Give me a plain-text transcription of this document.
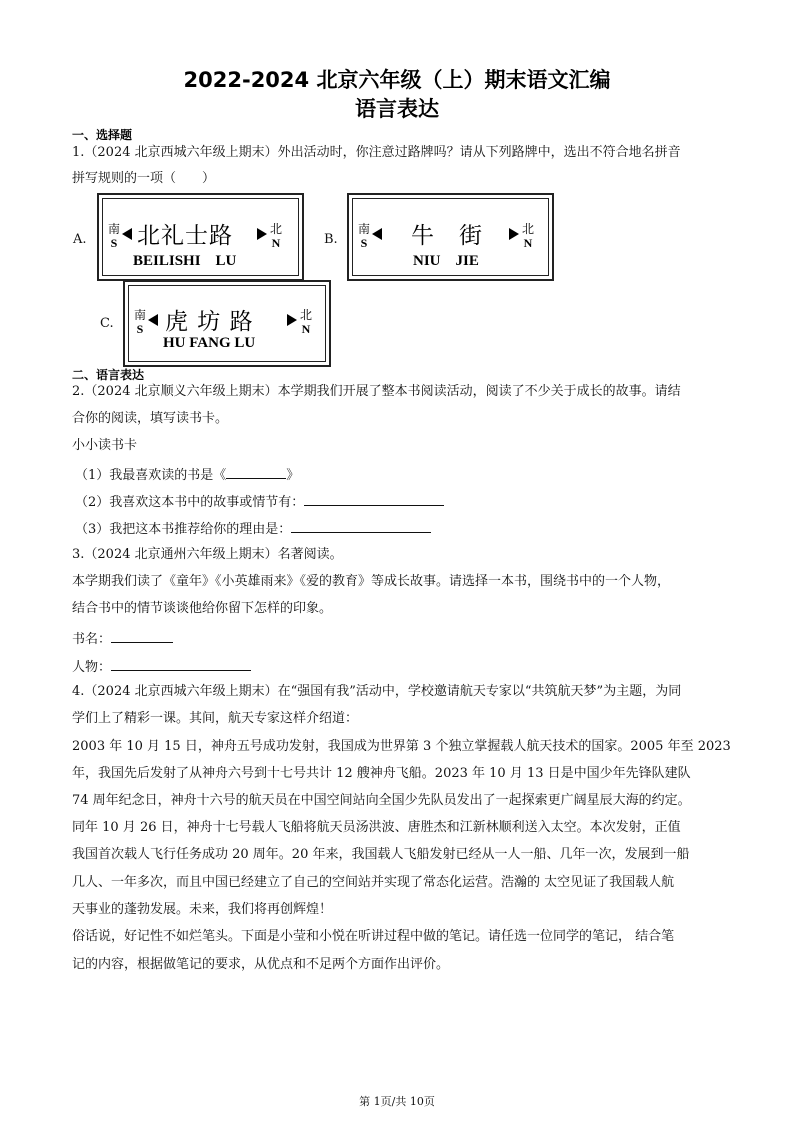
2022-2024 北京六年级（上）期末语文汇编
语言表达
一、选择题
1.（2024 北京西城六年级上期末）外出活动时，你注意过路牌吗？请从下列路牌中，选出不符合地名拼音
拼写规则的一项（　　）
A.
南
S 北礼士路	北
N
BEILISHI　LU
B.
南
S 牛　街	北
N
NIU　JIE
C.
南
S 虎 坊 路	北
N
HU FANG LU
二、语言表达
2.（2024 北京顺义六年级上期末）本学期我们开展了整本书阅读活动，阅读了不少关于成长的故事。请结
合你的阅读，填写读书卡。
小小读书卡
（1）我最喜欢读的书是《	》
（2）我喜欢这本书中的故事或情节有：
（3）我把这本书推荐给你的理由是：
3.（2024 北京通州六年级上期末）名著阅读。
本学期我们读了《童年》《小英雄雨来》《爱的教育》等成长故事。请选择一本书，围绕书中的一个人物，
结合书中的情节谈谈他给你留下怎样的印象。
书名：
人物：
4.（2024 北京西城六年级上期末）在“强国有我”活动中，学校邀请航天专家以“共筑航天梦”为主题，为同
学们上了精彩一课。其间，航天专家这样介绍道：
2003 年 10 月 15 日，神舟五号成功发射，我国成为世界第 3 个独立掌握载人航天技术的国家。2005 年至 2023
年，我国先后发射了从神舟六号到十七号共计 12 艘神舟飞船。2023 年 10 月 13 日是中国少年先锋队建队
74 周年纪念日，神舟十六号的航天员在中国空间站向全国少先队员发出了一起探索更广阔星辰大海的约定。
同年 10 月 26 日，神舟十七号载人飞船将航天员汤洪波、唐胜杰和江新林顺利送入太空。本次发射，正值
我国首次载人飞行任务成功 20 周年。20 年来，我国载人飞船发射已经从一人一船、几年一次，发展到一船
几人、一年多次，而且中国已经建立了自己的空间站并实现了常态化运营。浩瀚的 太空见证了我国载人航
天事业的蓬勃发展。未来，我们将再创辉煌！
俗话说，好记性不如烂笔头。下面是小莹和小悦在听讲过程中做的笔记。请任选一位同学的笔记， 结合笔
记的内容，根据做笔记的要求，从优点和不足两个方面作出评价。
第 1页/共 10页
